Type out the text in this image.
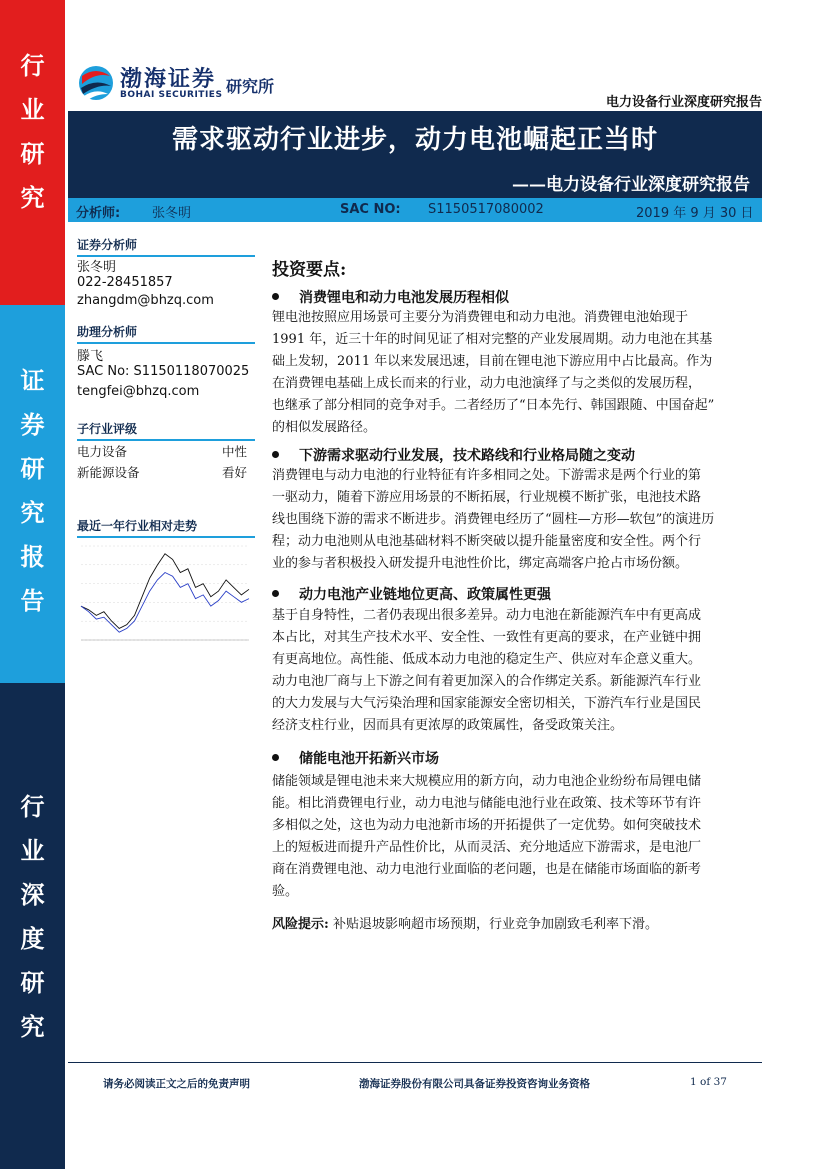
行
业
研
究
证
券
研
究
报
告
行
业
深
度
研
究
渤海证券
BOHAI SECURITIES 研究所
电力设备行业深度研究报告
需求驱动行业进步，动力电池崛起正当时
——电力设备行业深度研究报告
分析师: 张冬明	SAC NO: S1150517080002	2019 年 9 月 30 日
证券分析师
张冬明
022-28451857
zhangdm@bhzq.com
助理分析师
滕飞
SAC No: S1150118070025
tengfei@bhzq.com
子行业评级
电力设备	中性
新能源设备	看好
最近一年行业相对走势
投资要点:
消费锂电和动力电池发展历程相似
锂电池按照应用场景可主要分为消费锂电和动力电池。消费锂电池始现于
1991 年，近三十年的时间见证了相对完整的产业发展周期。动力电池在其基
础上发轫，2011 年以来发展迅速，目前在锂电池下游应用中占比最高。作为
在消费锂电基础上成长而来的行业，动力电池演绎了与之类似的发展历程，
也继承了部分相同的竞争对手。二者经历了“日本先行、韩国跟随、中国奋起”
的相似发展路径。
下游需求驱动行业发展，技术路线和行业格局随之变动
消费锂电与动力电池的行业特征有许多相同之处。下游需求是两个行业的第
一驱动力，随着下游应用场景的不断拓展，行业规模不断扩张，电池技术路
线也围绕下游的需求不断进步。消费锂电经历了“圆柱—方形—软包”的演进历
程；动力电池则从电池基础材料不断突破以提升能量密度和安全性。两个行
业的参与者积极投入研发提升电池性价比，绑定高端客户抢占市场份额。
动力电池产业链地位更高、政策属性更强
基于自身特性，二者仍表现出很多差异。动力电池在新能源汽车中有更高成
本占比，对其生产技术水平、安全性、一致性有更高的要求，在产业链中拥
有更高地位。高性能、低成本动力电池的稳定生产、供应对车企意义重大。
动力电池厂商与上下游之间有着更加深入的合作绑定关系。新能源汽车行业
的大力发展与大气污染治理和国家能源安全密切相关，下游汽车行业是国民
经济支柱行业，因而具有更浓厚的政策属性，备受政策关注。
储能电池开拓新兴市场
储能领域是锂电池未来大规模应用的新方向，动力电池企业纷纷布局锂电储
能。相比消费锂电行业，动力电池与储能电池行业在政策、技术等环节有许
多相似之处，这也为动力电池新市场的开拓提供了一定优势。如何突破技术
上的短板进而提升产品性价比，从而灵活、充分地适应下游需求，是电池厂
商在消费锂电池、动力电池行业面临的老问题，也是在储能市场面临的新考
验。
风险提示: 补贴退坡影响超市场预期，行业竞争加剧致毛利率下滑。
请务必阅读正文之后的免责声明	渤海证券股份有限公司具备证券投资咨询业务资格	1 of 37
